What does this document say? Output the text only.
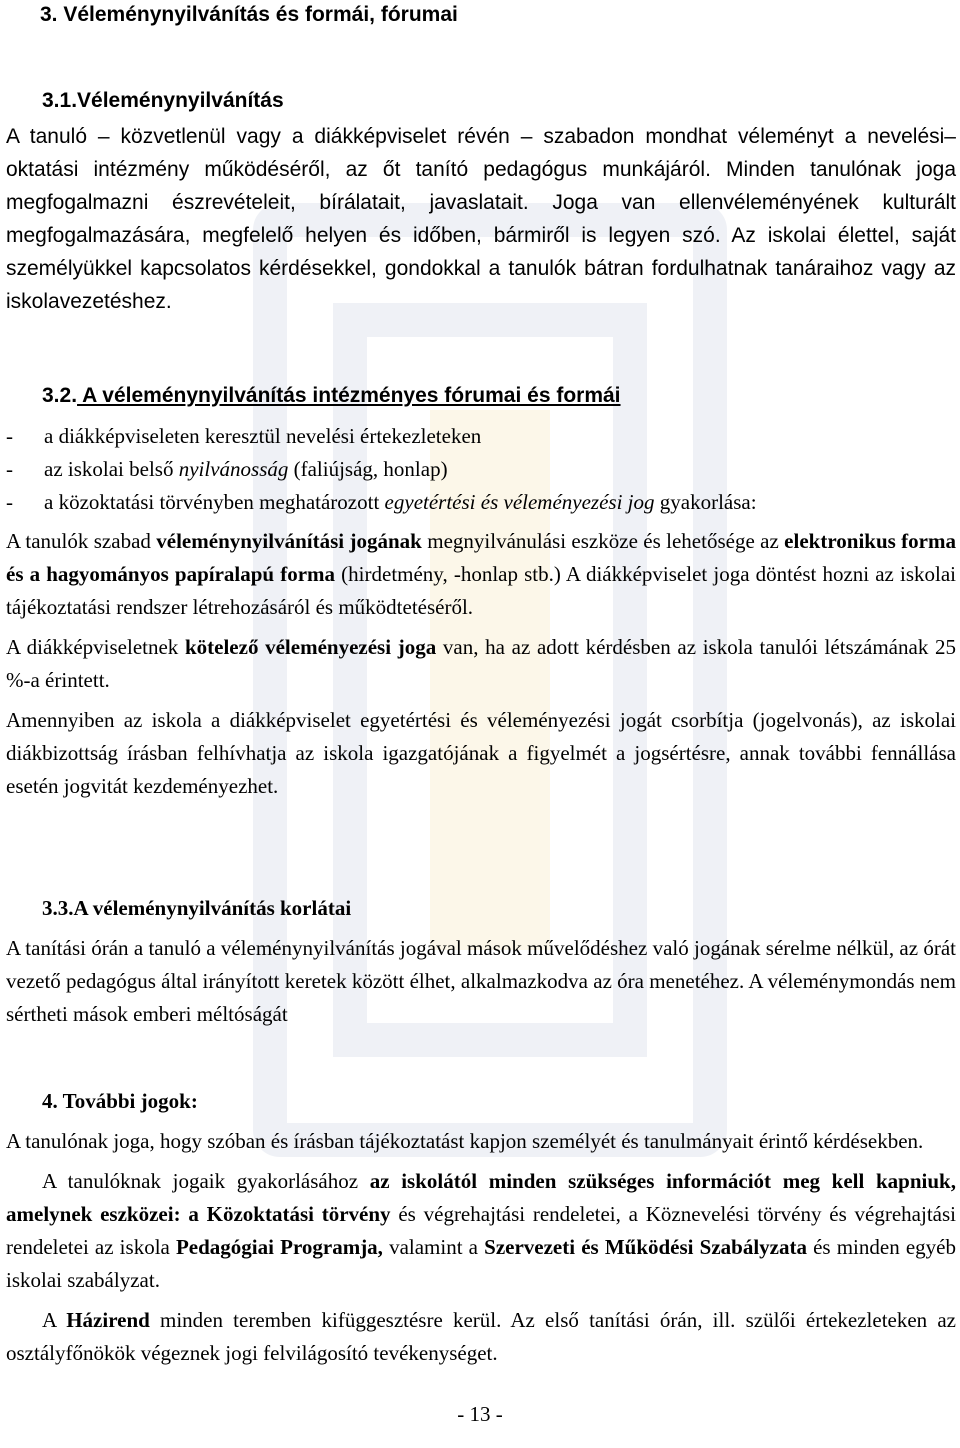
3. Véleménynyilvánítás és formái, fórumai
3.1.Véleménynyilvánítás

A tanuló – közvetlenül vagy a diákképviselet révén – szabadon mondhat véleményt a nevelési–oktatási intézmény működéséről, az őt tanító pedagógus munkájáról. Minden tanulónak joga megfogalmazni észrevételeit, bírálatait, javaslatait. Joga van ellenvéleményének kulturált megfogalmazására, megfelelő helyen és időben, bármiről is legyen szó. Az iskolai élettel, saját személyükkel kapcsolatos kérdésekkel, gondokkal a tanulók bátran fordulhatnak tanáraihoz vagy az iskolavezetéshez.

3.2. A véleménynyilvánítás intézményes fórumai és formái
- a diákképviseleten keresztül nevelési értekezleteken
- az iskolai belső nyilvánosság (faliújság, honlap)
- a közoktatási törvényben meghatározott egyetértési és véleményezési jog gyakorlása:

A tanulók szabad véleménynyilvánítási jogának megnyilvánulási eszköze és lehetősége az elektronikus forma és a hagyományos papíralapú forma (hirdetmény, -honlap stb.) A diákképviselet joga döntést hozni az iskolai tájékoztatási rendszer létrehozásáról és működtetéséről.

A diákképviseletnek kötelező véleményezési joga van, ha az adott kérdésben az iskola tanulói létszámának 25 %-a érintett.

Amennyiben az iskola a diákképviselet egyetértési és véleményezési jogát csorbítja (jogelvonás), az iskolai diákbizottság írásban felhívhatja az iskola igazgatójának a figyelmét a jogsértésre, annak további fennállása esetén jogvitát kezdeményezhet.

3.3.A véleménynyilvánítás korlátai

A tanítási órán a tanuló a véleménynyilvánítás jogával mások művelődéshez való jogának sérelme nélkül, az órát vezető pedagógus által irányított keretek között élhet, alkalmazkodva az óra menetéhez. A véleménymondás nem sértheti mások emberi méltóságát

4. További jogok:

A tanulónak joga, hogy szóban és írásban tájékoztatást kapjon személyét és tanulmányait érintő kérdésekben.

A tanulóknak jogaik gyakorlásához az iskolától minden szükséges információt meg kell kapniuk, amelynek eszközei: a Közoktatási törvény és végrehajtási rendeletei, a Köznevelési törvény és végrehajtási rendeletei az iskola Pedagógiai Programja, valamint a Szervezeti és Működési Szabályzata és minden egyéb iskolai szabályzat.

A Házirend minden teremben kifüggesztésre kerül. Az első tanítási órán, ill. szülői értekezleteken az osztályfőnökök végeznek jogi felvilágosító tevékenységet.

- 13 -
